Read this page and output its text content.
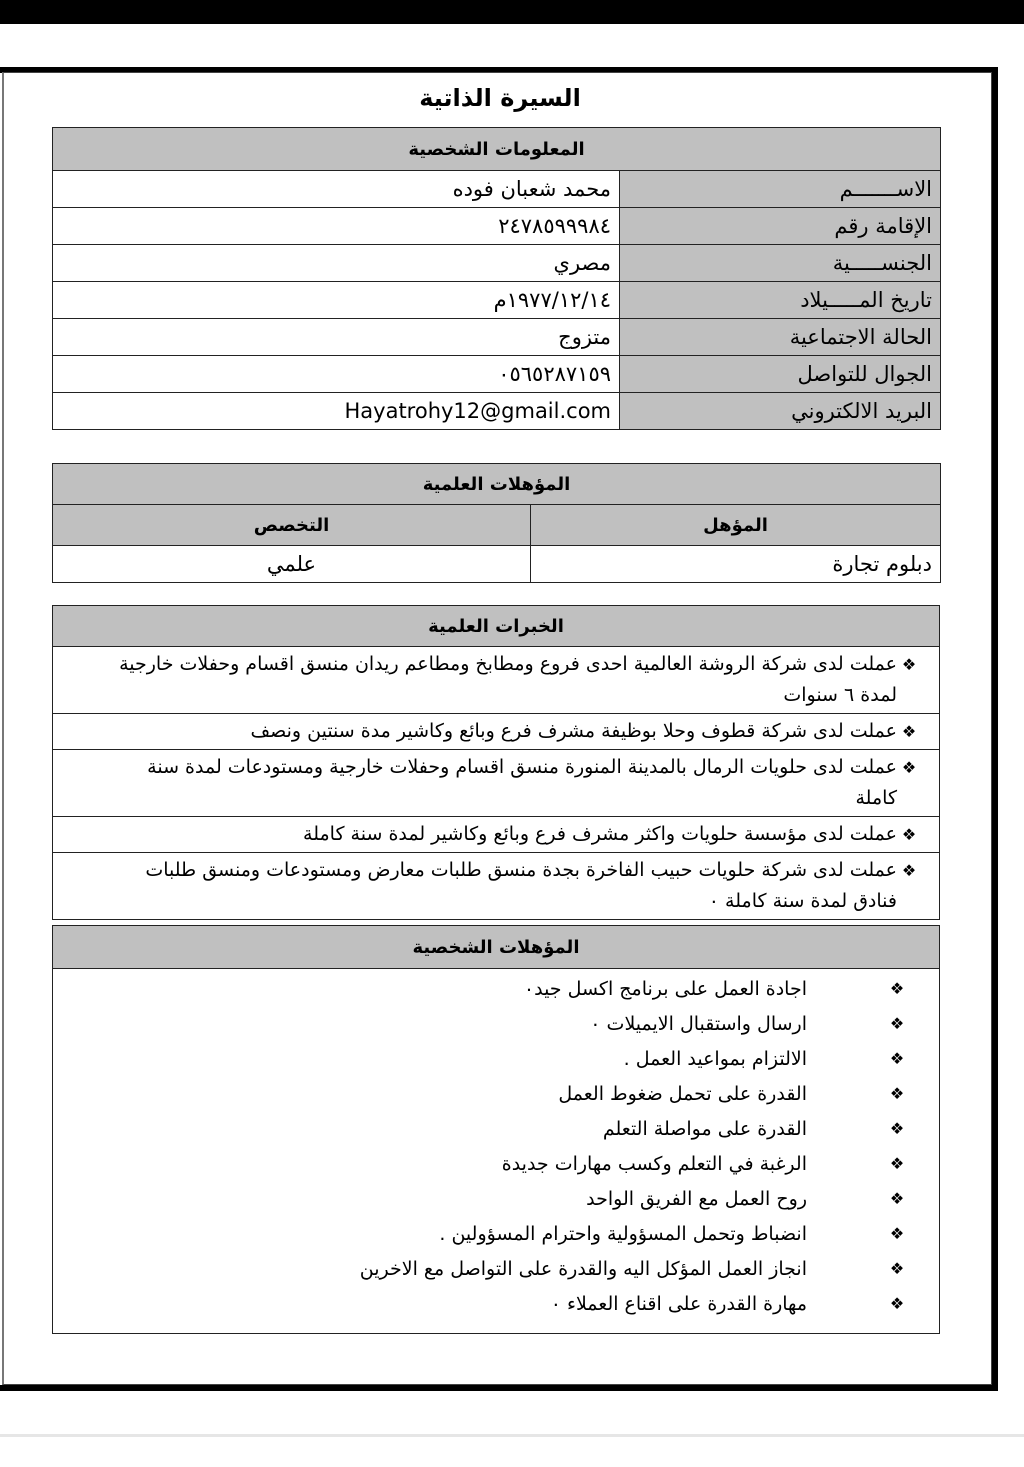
السيرة الذاتية
المعلومات الشخصية	
الاســـــــم	محمد شعبان فوده
الإقامة رقم	٢٤٧٨٥٩٩٩٨٤
الجنســـــية	مصري
تاريخ المـــــيلاد	١٩٧٧/١٢/١٤م
الحالة الاجتماعية	متزوج
الجوال للتواصل	٠٥٦٥٢٨٧١٥٩
البريد الالكتروني	Hayatrohy12@gmail.com
المؤهلات العلمية	
المؤهل	التخصص
دبلوم تجارة	علمي
الخبرات العلمية

❖
عملت لدى شركة الروشة العالمية احدى فروع ومطابخ ومطاعم ريدان منسق اقسام وحفلات خارجية لمدة ٦ سنوات

❖
عملت لدى شركة قطوف وحلا بوظيفة مشرف فرع وبائع وكاشير مدة سنتين ونصف

❖
عملت لدى حلويات الرمال بالمدينة المنورة منسق اقسام وحفلات خارجية ومستودعات لمدة سنة كاملة

❖
عملت لدى مؤسسة حلويات واكثر مشرف فرع وبائع وكاشير لمدة سنة كاملة

❖
عملت لدى شركة حلويات حبيب الفاخرة بجدة منسق طلبات معارض ومستودعات ومنسق طلبات فنادق لمدة سنة كاملة ٠
المؤهلات الشخصية

❖
اجادة العمل على برنامج اكسل جيد٠
❖
ارسال واستقبال الايميلات ٠
❖
الالتزام بمواعيد العمل .
❖
القدرة على تحمل ضغوط العمل
❖
القدرة على مواصلة التعلم
❖
الرغبة في التعلم وكسب مهارات جديدة
❖
روح العمل مع الفريق الواحد
❖
انضباط وتحمل المسؤولية واحترام المسؤولين .
❖
انجاز العمل المؤكل اليه والقدرة على التواصل مع الاخرين
❖
مهارة القدرة على اقناع العملاء ٠
